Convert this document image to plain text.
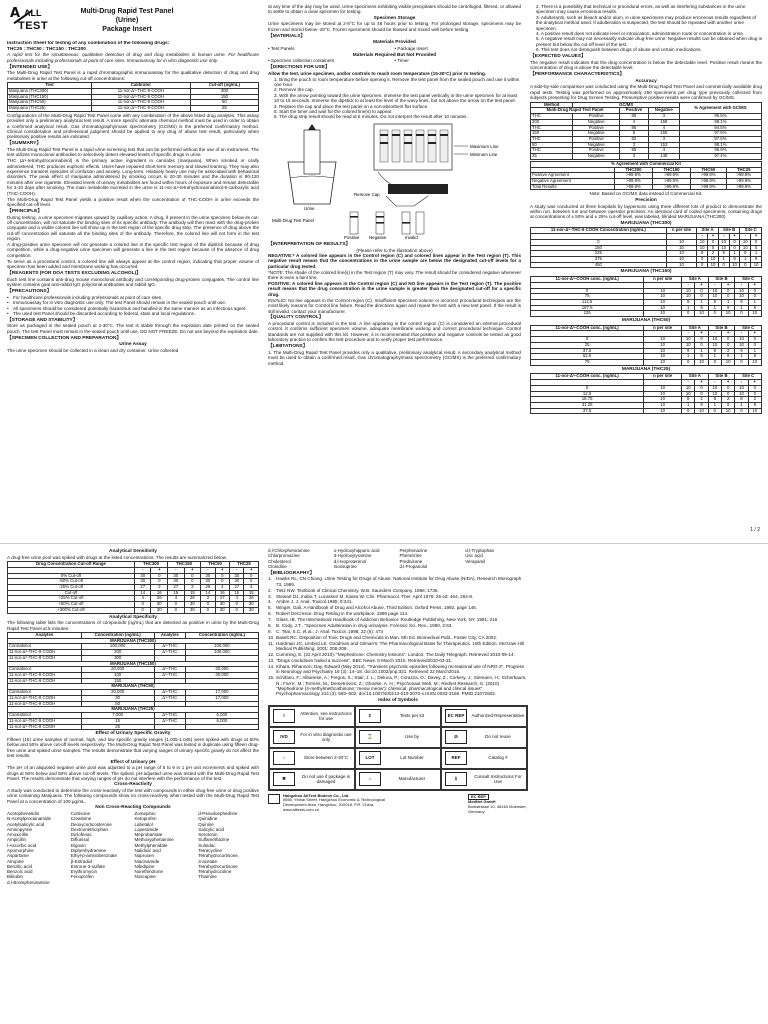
A ALL
TEST
Multi-Drug Rapid Test Panel
(Urine)
Package Insert
Instruction Sheet for testing of any combination of the following drugs:
THC25 : THC50 : THC150 : THC300

A rapid test for the simultaneous, qualitative detection of drug and drug metabolites in human urine. For healthcare professionals including professionals at point of care sites. Immunoassay for in vitro diagnostic use only.

【INTENDED USE】

The Multi-Drug Rapid Test Panel is a rapid chromatographic immunoassay for the qualitative detection of drug and drug metabolites in urine at the following cut-off concentrations:

Test	Calibrator	Cut-off (ng/mL)
Marijuana (THC300)	11-nor-Δ⁹-THC-9 COOH	300
Marijuana (THC150)	11-nor-Δ⁹-THC-9 COOH	150
Marijuana (THC50)	11-nor-Δ⁹-THC-9 COOH	50
Marijuana (THC25)	11-nor-Δ⁹-THC-9 COOH	25

Configurations of the Multi-Drug Rapid Test Panel come with any combination of the above listed drug analytes. This assay provides only a preliminary analytical test result. A more specific alternate chemical method must be used in order to obtain a confirmed analytical result. Gas chromatography/mass spectrometry (GC/MS) is the preferred confirmatory method. Clinical consideration and professional judgment should be applied to any drug of abuse test result, particularly when preliminary positive results are indicated.

【SUMMARY】

The Multi-Drug Rapid Test Panel is a rapid urine screening test that can be performed without the use of an instrument. The test utilizes monoclonal antibodies to selectively detect elevated levels of specific drugs in urine.

THC (Δ⁹-tetrahydrocannabinol) is the primary active ingredient in cannabis (marijuana). When smoked or orally administered, THC produces euphoric effects. Users have impaired short-term memory and slowed learning. They may also experience transient episodes of confusion and anxiety. Long-term, relatively heavy use may be associated with behavioral disorders. The peak effect of marijuana administered by smoking occurs in 20-30 minutes and the duration is 90-120 minutes after one cigarette. Elevated levels of urinary metabolites are found within hours of exposure and remain detectable for 3-10 days after smoking. The main metabolite excreted in the urine is 11-nor-Δ⁹-tetrahydrocannabinol-9-carboxylic acid (THC-COOH).

The Multi-Drug Rapid Test Panel yields a positive result when the concentration of THC-COOH in urine exceeds the specified cut-off level.

【PRINCIPLE】

During testing, a urine specimen migrates upward by capillary action. A drug, if present in the urine specimen below its cut-off concentration, will not saturate the binding sites of its specific antibody. The antibody will then react with the drug-protein conjugate and a visible colored line will show up in the test region of the specific drug strip. The presence of drug above the cut-off concentration will saturate all the binding sites of the antibody. Therefore, the colored line will not form in the test region.

A drug-positive urine specimen will not generate a colored line in the specific test region of the dipstick because of drug competition, while a drug-negative urine specimen will generate a line in the test region because of the absence of drug competition.

To serve as a procedural control, a colored line will always appear at the control region, indicating that proper volume of specimen has been added and membrane wicking has occurred.

【REAGENTS (FOR DOA TESTS EXCLUDING ALCOHOL)】

Each test line contains anti-drug mouse monoclonal antibody and corresponding drug-protein conjugates. The control line system contains goat anti-rabbit IgG polyclonal antibodies and rabbit IgG.

【PRECAUTIONS】
• For healthcare professionals including professionals at point of care sites.
• Immunoassay for in vitro diagnostic use only. The test Panel should remain in the sealed pouch until use.
• All specimens should be considered potentially hazardous and handled in the same manner as an infectious agent.
• The used test Panel should be discarded according to federal, state and local regulations.
【STORAGE AND STABILITY】

Store as packaged in the sealed pouch at 2-30°C. The test is stable through the expiration date printed on the sealed pouch. The test Panel must remain in the sealed pouch until use. DO NOT FREEZE. Do not use beyond the expiration date.

【SPECIMEN COLLECTION AND PREPARATION】
Urine Assay

The urine specimen should be collected in a clean and dry container. Urine collected

at any time of the day may be used. Urine specimens exhibiting visible precipitates should be centrifuged, filtered, or allowed to settle to obtain a clear specimen for testing.

Specimen Storage

Urine specimens may be stored at 2-8°C for up to 48 hours prior to testing. For prolonged storage, specimens may be frozen and stored below -20°C. Frozen specimens should be thawed and mixed well before testing.

【MATERIALS】
Materials Provided
• Test Panels	• Package insert
Materials Required But Not Provided
• Specimen collection containers	• Timer
【DIRECTIONS FOR USE】

Allow the test, urine specimen, and/or controls to reach room temperature (15-30°C) prior to testing.

1. Bring the pouch to room temperature before opening it. Remove the test panel from the sealed pouch and use it within one hour.
2. Remove the cap.
3. With the arrow pointing toward the urine specimen, immerse the test panel vertically in the urine specimen for at least 10 to 15 seconds. Immerse the dipstick to at least the level of the wavy lines, but not above the arrow on the test panel.
4. Replace the cap and place the test panel on a non-absorbent flat surface.
5. Start the timer and wait for the colored line(s) to appear.
6. The drug strip result should be read at 5 minutes. Do not interpret the result after 10 minutes.
Maximum Line
Minimum Line
Urine
Remove Cap
Multi-Drug Test Panel
Positive Negative	Invalid
【INTERPRETATION OF RESULTS】
(Please refer to the illustration above)

NEGATIVE:* A colored line appears in the Control region (C) and colored lines appear in the Test region (T). This negative result means that the concentrations in the urine sample are below the designated cut-off levels for a particular drug tested.

*NOTE: The shade of the colored line(s) in the Test region (T) may vary. The result should be considered negative whenever there is even a faint line.

POSITIVE: A colored line appears in the Control region (C) and NO line appears in the Test region (T). The positive result means that the drug concentration in the urine sample is greater than the designated cut-off for a specific drug.

INVALID: No line appears in the Control region (C). Insufficient specimen volume or incorrect procedural techniques are the most likely reasons for Control line failure. Read the directions again and repeat the test with a new test panel. If the result is still invalid, contact your manufacturer.

【QUALITY CONTROL】

A procedural control is included in the test. A line appearing in the control region (C) is considered an internal procedural control. It confirms sufficient specimen volume, adequate membrane wicking and correct procedural technique. Control standards are not supplied with this kit. However, it is recommended that positive and negative controls be tested as good laboratory practice to confirm the test procedure and to verify proper test performance.

【LIMITATIONS】

1. The Multi-Drug Rapid Test Panel provides only a qualitative, preliminary analytical result. A secondary analytical method must be used to obtain a confirmed result. Gas chromatography/mass spectrometry (GC/MS) is the preferred confirmatory method.

2. There is a possibility that technical or procedural errors, as well as interfering substances in the urine specimen may cause erroneous results.
3. Adulterants, such as bleach and/or alum, in urine specimens may produce erroneous results regardless of the analytical method used. If adulteration is suspected, the test should be repeated with another urine specimen.
4. A positive result does not indicate level or intoxication, administration route or concentration in urine.
5. A negative result may not necessarily indicate drug-free urine. Negative results can be obtained when drug is present but below the cut-off level of the test.
6. This test does not distinguish between drugs of abuse and certain medications.
【EXPECTED VALUES】

The negative result indicates that the drug concentration is below the detectable level. Positive result means the concentration of drug is above the detectable level.

【PERFORMANCE CHARACTERISTICS】
Accuracy

A side-by-side comparison was conducted using the Multi-Drug Rapid Test Panel and commercially available drug rapid tests. Testing was performed on approximately 250 specimens per drug type previously collected from subjects presenting for Drug Screen Testing. Presumptive positive results were confirmed by GC/MS.

Method	GC/MS			% Agreement with GC/MS
Multi-Drug Rapid Test Panel		Positive	Negative	
THC	Positive	85	3	95.5%
300	Negative	4	158	98.1%
THC	Positive	86	4	94.5%
150	Negative	5	155	97.5%
THC	Positive	82	3	97.6%
50	Negative	2	153	98.1%
THC	Positive	95	4	96.9%
25	Negative	3	148	97.4%
% Agreement with Commercial Kit				
	THC300	THC150	THC50	THC25
Positive Agreement	>99.9%	>99.9%	>99.9%	>99.9%
Negative Agreement	>99.9%	>99.9%	>99.9%	>99.9%
Total Results	>99.9%	>99.9%	>99.9%	>99.9%
Note: Based on GC/MS data instead of Commercial Kit.
Precision

A study was conducted at three hospitals by laypersons using three different lots of product to demonstrate the within run, between run and between operator precision. An identical card of coded specimens, containing drugs at concentrations of ± 50% and ± 25% cut-off level, was labeled, blinded MARIJUANA (THC300)

MARIJUANA (THC300)
11-nor-Δ⁹-THC-9 COOH Concentration (ng/mL)	n per site	Site A		Site B		Site C	
		-	+	-	+	-	+
0	10	10	0	10	0	10	0
150	10	10	0	10	0	10	0
225	10	8	2	9	1	9	1
375	10	0	10	1	9	1	9
450	10	0	10	0	10	0	10
MARIJUANA (THC150)
11-nor-Δ⁹-COOH conc. (ng/mL)	n per site	Site A		Site B		Site C	
		-	+	-	+	-	+
0	10	10	0	10	0	10	0
75	10	10	0	10	0	10	0
112.5	10	9	1	9	1	9	1
187.5	10	1	9	1	9	1	9
225	10	0	10	0	10	0	10
MARIJUANA (THC50)
11-nor-Δ⁹-COOH conc. (ng/mL)	n per site	Site A		Site B		Site C	
		-	+	-	+	-	+
0	10	10	0	10	0	10	0
25	10	10	0	10	0	10	0
37.5	10	9	1	8	2	9	1
62.5	10	1	9	1	9	1	9
75	10	0	10	0	10	0	10
MARIJUANA (THC25)
11-nor-Δ⁹-COOH conc. (ng/mL)	n per site	Site A		Site B		Site C	
		-	+	-	+	-	+
0	10	10	0	10	0	10	0
12.5	10	10	0	10	0	10	0
18.75	10	8	2	8	2	8	2
31.25	10	1	9	1	9	1	9
37.5	10	0	10	0	10	0	10
1 / 2
Analytical Sensitivity

A drug-free urine pool was spiked with drugs at the listed concentrations. The results are summarized below.

Drug Concentration Cut-off Range	THC300		THC150		THC50		THC25	
	-	+	-	+	-	+	-	+
0% Cut-off	30	0	30	0	30	0	30	0
-50% Cut-off	30	0	30	0	30	0	30	0
-25% Cut-off	27	3	27	3	26	4	27	3
Cut-off	14	16	15	15	14	16	15	15
+25% Cut-off	4	26	4	26	3	27	4	26
+50% Cut-off	0	30	0	30	0	30	0	30
+300% Cut-off	0	30	0	30	0	30	0	30
Analytical Specificity

The following table lists the concentrations of compounds (ng/mL) that are detected as positive in urine by the Multi-Drug Rapid Test Panel at 5 minutes.

Analytes	Concentration (ng/mL)	Analytes	Concentration (ng/mL)
MARIJUANA (THC300)			
Cannabinol	100,000	Δ⁸-THC	100,000
11-nor-Δ⁸-THC-9 COOH	200	Δ⁹-THC	100,000
11-nor-Δ⁹-THC-9 COOH	300		
MARIJUANA (THC150)			
Cannabinol	20,000	Δ⁸-THC	30,000
11-nor-Δ⁸-THC-9 COOH	100	Δ⁹-THC	30,000
11-nor-Δ⁹-THC-9 COOH	150		
MARIJUANA (THC50)			
Cannabinol	20,000	Δ⁸-THC	17,000
11-nor-Δ⁸-THC-9 COOH	30	Δ⁹-THC	17,000
11-nor-Δ⁹-THC-9 COOH	50		
MARIJUANA (THC25)			
Cannabinol	7,000	Δ⁸-THC	6,000
11-nor-Δ⁸-THC-9 COOH	15	Δ⁹-THC	6,000
11-nor-Δ⁹-THC-9 COOH	25		
Effect of Urinary Specific Gravity

Fifteen (15) urine samples of normal, high, and low specific gravity ranges (1.005-1.045) were spiked with drugs at 50% below and 50% above cut-off levels respectively. The Multi-Drug Rapid Test Panel was tested in duplicate using fifteen drug-free urine and spiked urine samples. The results demonstrate that varying ranges of urinary specific gravity do not affect the test results.

Effect of Urinary pH

The pH of an aliquoted negative urine pool was adjusted to a pH range of 5 to 9 in 1 pH unit increments and spiked with drugs at 50% below and 50% above cut-off levels. The spiked, pH-adjusted urine was tested with the Multi-Drug Rapid Test Panel. The results demonstrate that varying ranges of pH do not interfere with the performance of the test.

Cross-Reactivity

A study was conducted to determine the cross-reactivity of the test with compounds in either drug-free urine or drug positive urine containing Marijuana. The following compounds show no cross-reactivity when tested with the Multi-Drug Rapid Test Panel at a concentration of 100 µg/mL.

Non Cross-Reacting Compounds
Acetophenetidin	Cortisone	Zomepirac	d-Pseudoephedrine
N-Acetylprocainamide	Creatinine	Ketoprofen	Quinidine
Acetylsalicylic acid	Deoxycorticosterone	Labetalol	Quinine
Aminopyrine	Dextromethorphan	Loperamide	Salicylic acid
Amoxicillin	Diclofenac	Meprobamate	Serotonin
Ampicillin	Diflunisal	Methoxyphenamine	Sulfamethazine
l-Ascorbic acid	Digoxin	Methylphenidate	Sulindac
Apomorphine	Diphenhydramine	Nalidixic acid	Tetracycline
Aspartame	Ethyl-p-aminobenzoate	Naproxen	Tetrahydrocortisone,
Atropine	β-Estradiol	Niacinamide	3-acetate
Benzilic acid	Estrone-3-sulfate	Nifedipine	Tetrahydrocortisone
Benzoic acid	Erythromycin	Norethindrone	Tetrahydrozoline
Bilirubin	Fenoprofen	Noscapine	Thiamine
d,l-Brompheniramine
d,l-Chlorpheniramine	o-Hydroxyhippuric acid	Perphenazine	d,l-Tryptophan
Chlorpromazine	3-Hydroxytyramine	Phenelzine	Uric acid
Cholesterol	d,l-Isoproterenol	Prednisone	Verapamil
Clonidine	Isoxsuprine	d,l-Propanolol
【BIBLIOGRAPHY】
1. Hawks RL, CN Chiang. Urine Testing for Drugs of Abuse. National Institute for Drug Abuse (NIDA), Research Monograph 73, 1986.
2. Tietz NW. Textbook of Clinical Chemistry. W.B. Saunders Company. 1986; 1735.
3. Stewart DJ, Inaba T, Lucassen M, Kalow W. Clin. Pharmacol. Ther. April 1979; 25 ed: 464, 264-8.
4. Ambre J. J. Anal. Toxicol.1985; 9:241.
5. Winger, Gail, A Handbook of Drug and Alcohol Abuse, Third Edition, Oxford Press, 1992, page 146.
6. Robert DeCresce. Drug Testing in the workplace, 1989 page 114.
7. Glass, IB. The International Handbook of Addiction Behavior. Routledge Publishing, New York, NY. 1991; 216
8. B. Cody, J.T., "Specimen Adulteration in drug urinalysis. Forensic Sci. Rev., 1990, 2:63.
9. C. Tsai, S.C. et.al., J. Anal. Toxicol. 1998; 22 (6): 474
10. Baselt RC. Disposition of Toxic Drugs and Chemicals in Man. 6th Ed. Biomedical Publ., Foster City, CA 2002.
11. Hardman JG, Limbird LE. Goodman and Gilman's: The Pharmacological Basis for Therapeutics. 10th Edition. McGraw Hill Medical Publishing, 2001: 208-209.
12. Cumming, E. (22 April 2010). "Mephedrone: Chemistry lessons". London: The Daily Telegraph. Retrieved 2010-09-14.
13. "Drugs crackdown hailed a success". BBC News. 8 March 2010. Retrieved2010-03-31.
14. Kihara, Rihannon; Day, Edward (May 2014). "Transient psychotic episodes following recreational use of NRG-3". Progress in Neurology and Psychiatry 18 (3): 14–18. doi:10.1002/pnp.331. Retrieved 22 March2015.
15. Schifano, F.; Albanese, A.; Fergus, S.; Stair, J. L.; Deluca, P.; Corazza, O.; Davey, Z.; Corkery, J.; Siemann, H.; Scherbaum, N.; Farre', M.; Torrens, M.; Demetrovics, Z.; Ghodse, A. H.; Psychonaut Web, M.; Rednet Research, G. (2010). "Mephedrone (4-methylmethcathinone; 'meow meow'): chemical, pharmacological and clinical issues". Psychopharmacology 214 (3): 593–602. doi:10.1007/s00213-010-2070-x.ISSN 0033-3158. PMID 21072502.
Index of Symbols
!
Attention, see instructions for use
Σ	Tests per kit	EC REP	Authorized Representative
IVD
For in vitro diagnostic use only
⌛	Use by	⊘	Do not reuse
↕	Store between 2-30°C	LOT	Lot Number	REF	Catalog #
✖
Do not use if package is damaged
⌂	Manufacturer	ℹ
Consult Instructions For Use
Hangzhou AllTest Biotech Co., Ltd.
#550, Yinhai Street, Hangzhou Economic & Technological Development Area, Hangzhou, 310018, P.R. China, www.alltests.com.cn
EC REP
MedNet GmbH
Borkstrasse 10, 48163 Muenster, Germany
